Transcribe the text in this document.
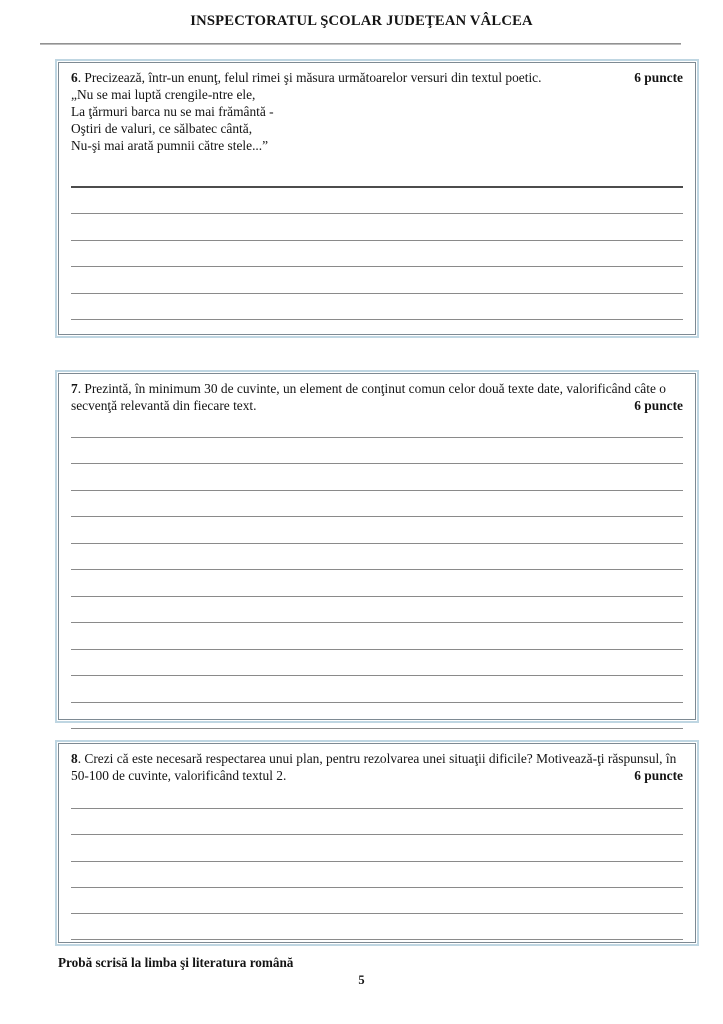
INSPECTORATUL ŞCOLAR JUDEŢEAN VÂLCEA

6. Precizează, într-un enunţ, felul rimei şi măsura următoarelor versuri din textul poetic.	6 puncte

„Nu se mai luptă crengile-ntre ele,
La ţărmuri barca nu se mai frământă -
Oştiri de valuri, ce sălbatec cântă,
Nu-şi mai arată pumnii către stele...”

7. Prezintă, în minimum 30 de cuvinte, un element de conţinut comun celor două texte date, valorificând câte o secvenţă relevantă din fiecare text.	6 puncte

8. Crezi că este necesară respectarea unui plan, pentru rezolvarea unei situaţii dificile? Motivează-ţi răspunsul, în 50-100 de cuvinte, valorificând textul 2.	6 puncte

Probă scrisă la limba şi literatura română
5
